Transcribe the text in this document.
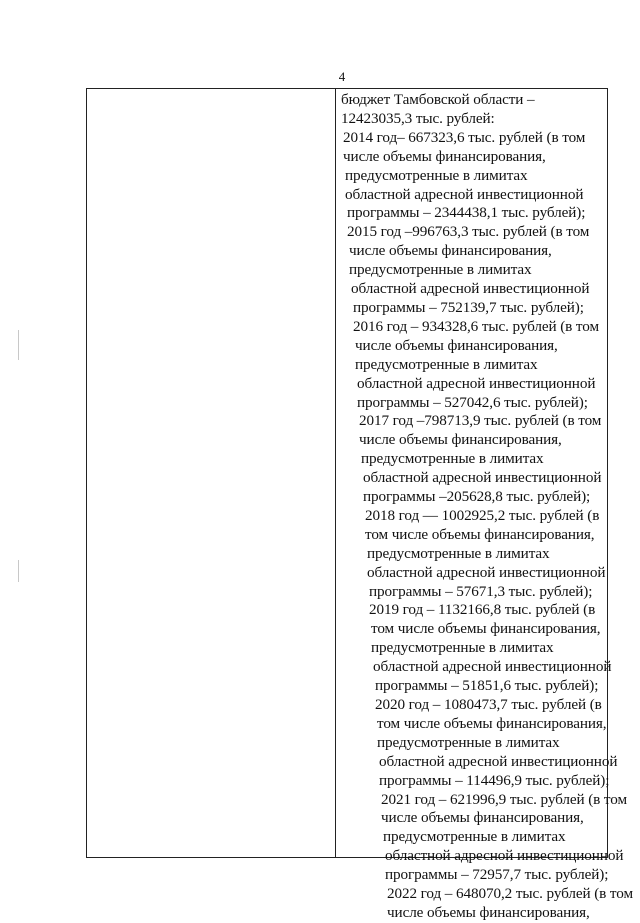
4
бюджет Тамбовской области –
12423035,3 тыс. рублей:
2014 год– 667323,6 тыс. рублей (в том
числе объемы финансирования,
предусмотренные в лимитах
областной адресной инвестиционной
программы – 2344438,1 тыс. рублей);
2015 год –996763,3 тыс. рублей (в том
числе объемы финансирования,
предусмотренные в лимитах
областной адресной инвестиционной
программы – 752139,7 тыс. рублей);
2016 год – 934328,6 тыс. рублей (в том
числе объемы финансирования,
предусмотренные в лимитах
областной адресной инвестиционной
программы – 527042,6 тыс. рублей);
2017 год –798713,9 тыс. рублей (в том
числе объемы финансирования,
предусмотренные в лимитах
областной адресной инвестиционной
программы –205628,8 тыс. рублей);
2018 год — 1002925,2 тыс. рублей (в
том числе объемы финансирования,
предусмотренные в лимитах
областной адресной инвестиционной
программы – 57671,3 тыс. рублей);
2019 год – 1132166,8 тыс. рублей (в
том числе объемы финансирования,
предусмотренные в лимитах
областной адресной инвестиционной
программы – 51851,6 тыс. рублей);
2020 год – 1080473,7 тыс. рублей (в
том числе объемы финансирования,
предусмотренные в лимитах
областной адресной инвестиционной
программы – 114496,9 тыс. рублей);
2021 год – 621996,9 тыс. рублей (в том
числе объемы финансирования,
предусмотренные в лимитах
областной адресной инвестиционной
программы – 72957,7 тыс. рублей);
2022 год – 648070,2 тыс. рублей (в том
числе объемы финансирования,
